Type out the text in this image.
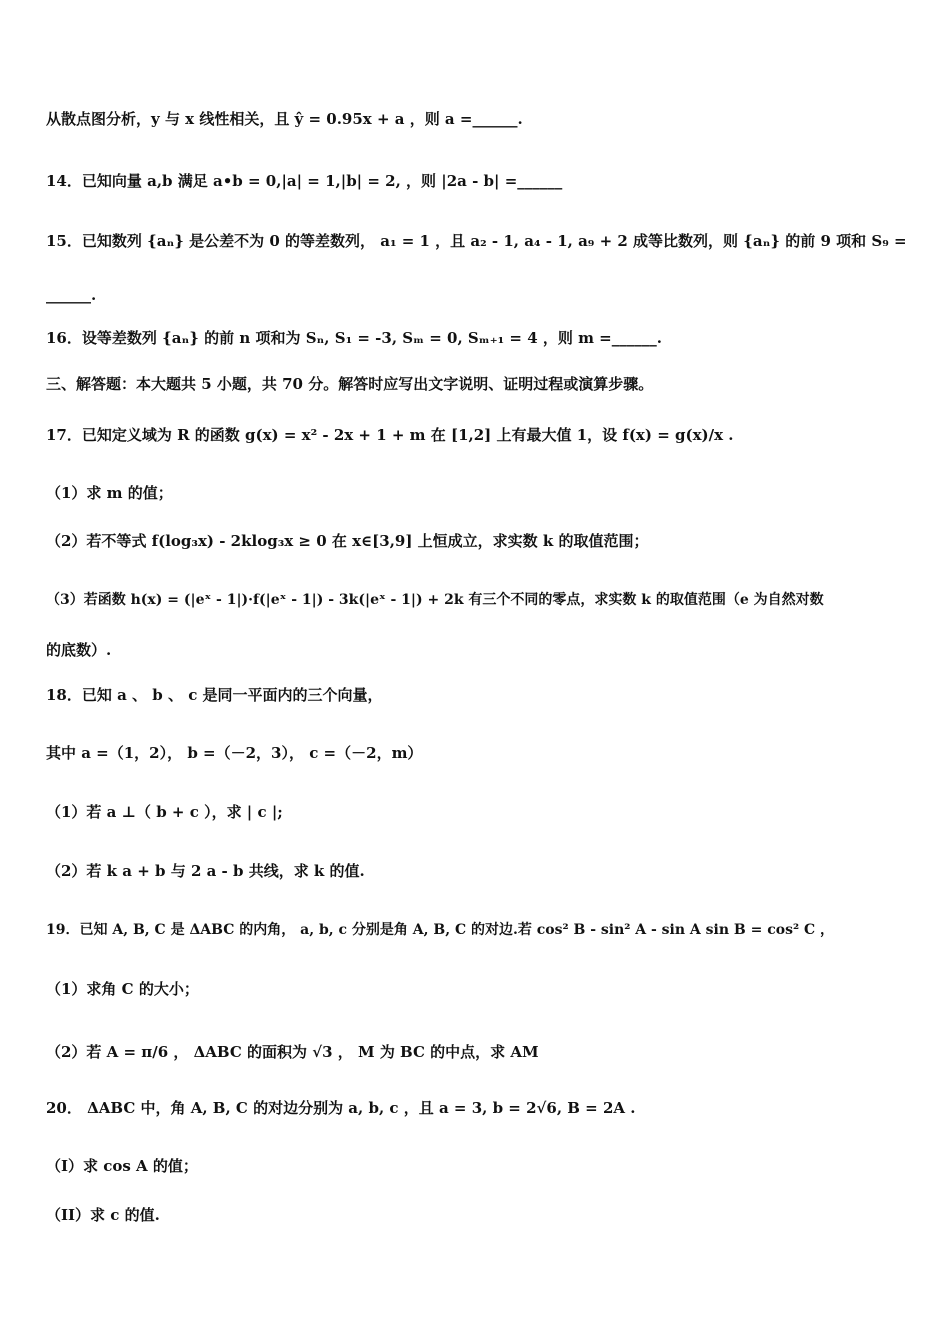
从散点图分析，y 与 x 线性相关，且 ŷ = 0.95x + a ，则 a =______.
14．已知向量 a,b 满足 a•b = 0,|a| = 1,|b| = 2, ，则 |2a - b| =______
15．已知数列 {aₙ} 是公差不为 0 的等差数列， a₁ = 1 ，且 a₂ - 1, a₄ - 1, a₉ + 2 成等比数列，则 {aₙ} 的前 9 项和 S₉ =
______.
16．设等差数列 {aₙ} 的前 n 项和为 Sₙ, S₁ = -3, Sₘ = 0, Sₘ₊₁ = 4 ，则 m =______.
三、解答题：本大题共 5 小题，共 70 分。解答时应写出文字说明、证明过程或演算步骤。
17．已知定义域为 R 的函数 g(x) = x² - 2x + 1 + m 在 [1,2] 上有最大值 1，设 f(x) = g(x)/x .
（1）求 m 的值；
（2）若不等式 f(log₃x) - 2klog₃x ≥ 0 在 x∈[3,9] 上恒成立，求实数 k 的取值范围；
（3）若函数 h(x) = (|eˣ - 1|)·f(|eˣ - 1|) - 3k(|eˣ - 1|) + 2k 有三个不同的零点，求实数 k 的取值范围（e 为自然对数
的底数）.
18．已知 a 、 b 、 c 是同一平面内的三个向量，
其中 a =（1，2）， b =（－2，3）， c =（－2，m）
（1）若 a ⊥（ b + c ），求 | c |;
（2）若 k a + b 与 2 a - b 共线，求 k 的值.
19．已知 A, B, C 是 ΔABC 的内角， a, b, c 分别是角 A, B, C 的对边.若 cos² B - sin² A - sin A sin B = cos² C ，
（1）求角 C 的大小；
（2）若 A = π/6 ， ΔABC 的面积为 √3 ， M 为 BC 的中点，求 AM
20． ΔABC 中，角 A, B, C 的对边分别为 a, b, c ，且 a = 3, b = 2√6, B = 2A .
（I）求 cos A 的值；
（II）求 c 的值.
